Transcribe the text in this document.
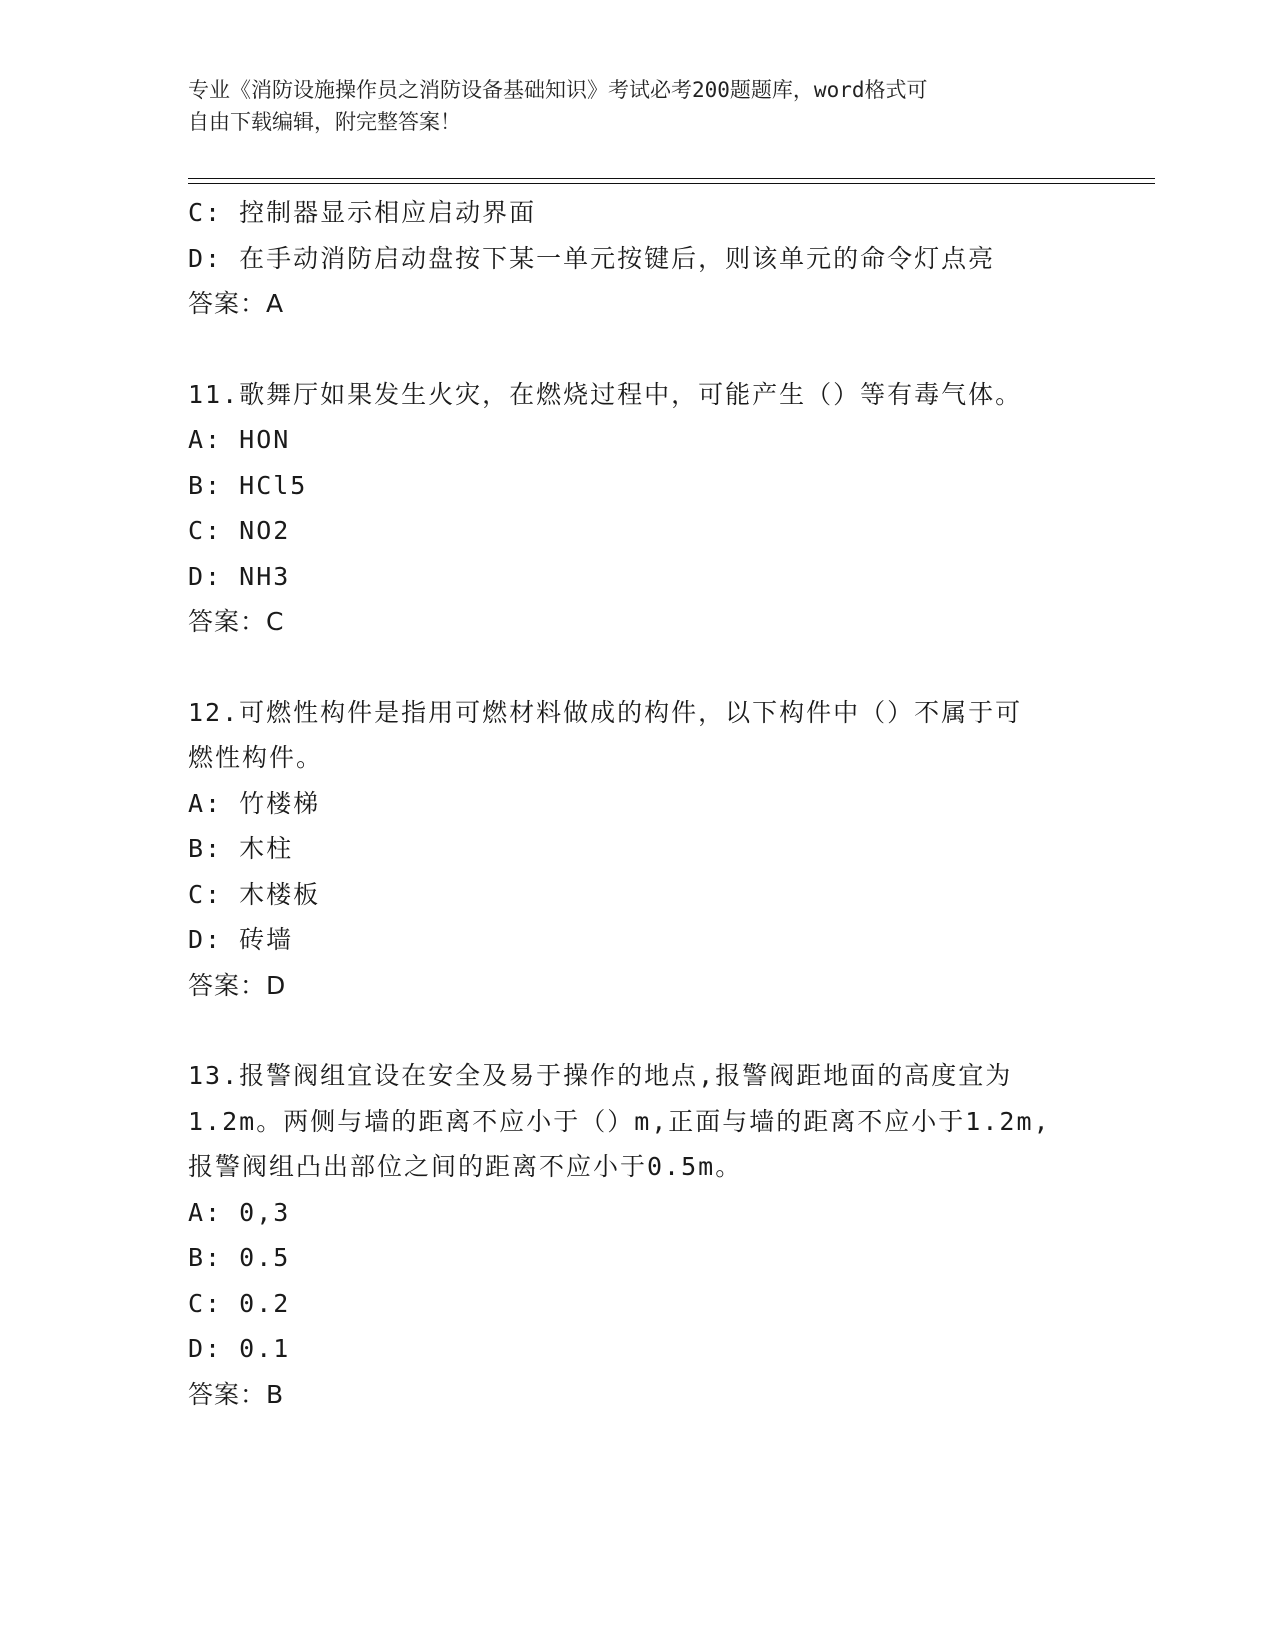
专业《消防设施操作员之消防设备基础知识》考试必考200题题库，word格式可
自由下载编辑，附完整答案！
C: 控制器显示相应启动界面
D: 在手动消防启动盘按下某一单元按键后，则该单元的命令灯点亮
答案：A
11.歌舞厅如果发生火灾，在燃烧过程中，可能产生（）等有毒气体。
A: HON
B: HCl5
C: NO2
D: NH3
答案：C
12.可燃性构件是指用可燃材料做成的构件，以下构件中（）不属于可
燃性构件。
A: 竹楼梯
B: 木柱
C: 木楼板
D: 砖墙
答案：D
13.报警阀组宜设在安全及易于操作的地点,报警阀距地面的高度宜为
1.2m。两侧与墙的距离不应小于（）m,正面与墙的距离不应小于1.2m,
报警阀组凸出部位之间的距离不应小于0.5m。
A: 0,3
B: 0.5
C: 0.2
D: 0.1
答案：B
